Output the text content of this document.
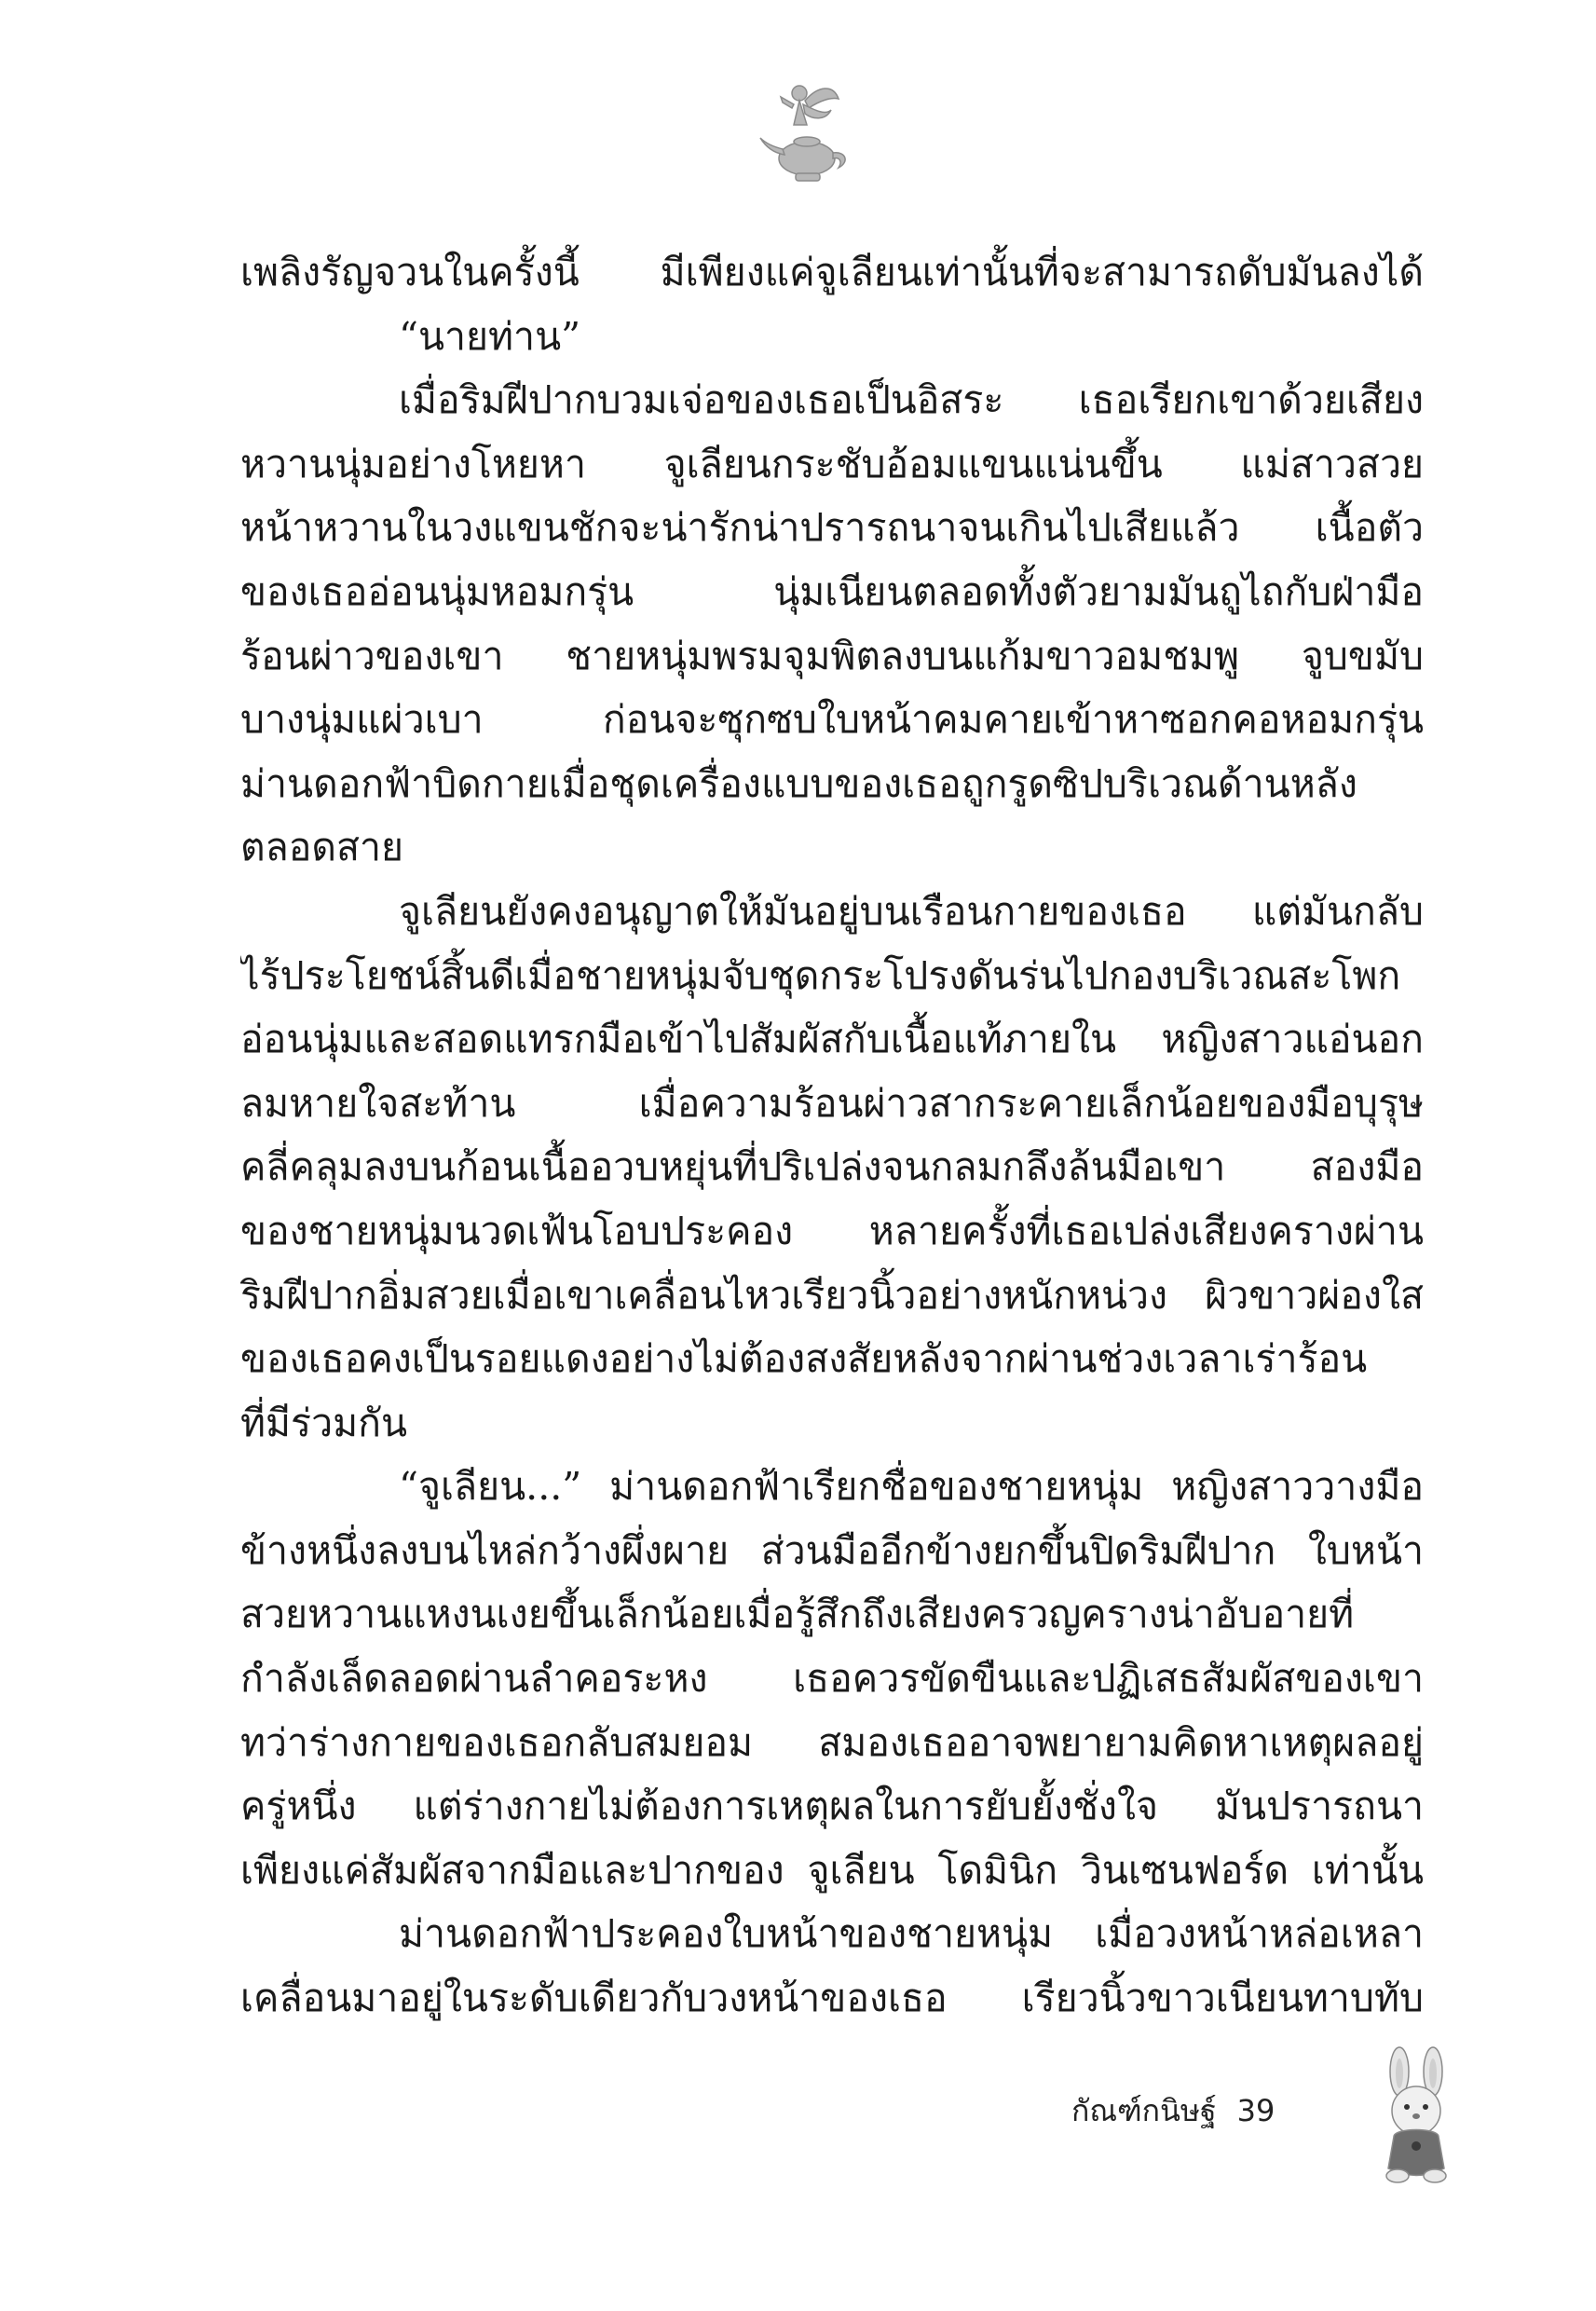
เพลิงรัญจวนในครั้งนี้ มีเพียงแค่จูเลียนเท่านั้นที่จะสามารถดับมันลงได้
“นายท่าน”
เมื่อริมฝีปากบวมเจ่อของเธอเป็นอิสระ เธอเรียกเขาด้วยเสียง
หวานนุ่มอย่างโหยหา จูเลียนกระชับอ้อมแขนแน่นขึ้น แม่สาวสวย
หน้าหวานในวงแขนชักจะน่ารักน่าปรารถนาจนเกินไปเสียแล้ว เนื้อตัว
ของเธออ่อนนุ่มหอมกรุ่น นุ่มเนียนตลอดทั้งตัวยามมันถูไถกับฝ่ามือ
ร้อนผ่าวของเขา ชายหนุ่มพรมจุมพิตลงบนแก้มขาวอมชมพู จูบขมับ
บางนุ่มแผ่วเบา ก่อนจะซุกซบใบหน้าคมคายเข้าหาซอกคอหอมกรุ่น
ม่านดอกฟ้าบิดกายเมื่อชุดเครื่องแบบของเธอถูกรูดซิปบริเวณด้านหลัง
ตลอดสาย
จูเลียนยังคงอนุญาตให้มันอยู่บนเรือนกายของเธอ แต่มันกลับ
ไร้ประโยชน์สิ้นดีเมื่อชายหนุ่มจับชุดกระโปรงดันร่นไปกองบริเวณสะโพก
อ่อนนุ่มและสอดแทรกมือเข้าไปสัมผัสกับเนื้อแท้ภายใน หญิงสาวแอ่นอก
ลมหายใจสะท้าน เมื่อความร้อนผ่าวสากระคายเล็กน้อยของมือบุรุษ
คลี่คลุมลงบนก้อนเนื้ออวบหยุ่นที่ปริเปล่งจนกลมกลึงล้นมือเขา สองมือ
ของชายหนุ่มนวดเฟ้นโอบประคอง หลายครั้งที่เธอเปล่งเสียงครางผ่าน
ริมฝีปากอิ่มสวยเมื่อเขาเคลื่อนไหวเรียวนิ้วอย่างหนักหน่วง ผิวขาวผ่องใส
ของเธอคงเป็นรอยแดงอย่างไม่ต้องสงสัยหลังจากผ่านช่วงเวลาเร่าร้อน
ที่มีร่วมกัน
“จูเลียน...” ม่านดอกฟ้าเรียกชื่อของชายหนุ่ม หญิงสาววางมือ
ข้างหนึ่งลงบนไหล่กว้างผึ่งผาย ส่วนมืออีกข้างยกขึ้นปิดริมฝีปาก ใบหน้า
สวยหวานแหงนเงยขึ้นเล็กน้อยเมื่อรู้สึกถึงเสียงครวญครางน่าอับอายที่
กำลังเล็ดลอดผ่านลำคอระหง เธอควรขัดขืนและปฏิเสธสัมผัสของเขา
ทว่าร่างกายของเธอกลับสมยอม สมองเธออาจพยายามคิดหาเหตุผลอยู่
ครู่หนึ่ง แต่ร่างกายไม่ต้องการเหตุผลในการยับยั้งชั่งใจ มันปรารถนา
เพียงแค่สัมผัสจากมือและปากของ จูเลียน โดมินิก วินเซนฟอร์ด เท่านั้น
ม่านดอกฟ้าประคองใบหน้าของชายหนุ่ม เมื่อวงหน้าหล่อเหลา
เคลื่อนมาอยู่ในระดับเดียวกับวงหน้าของเธอ เรียวนิ้วขาวเนียนทาบทับ
กัณฑ์กนิษฐ์ 39
